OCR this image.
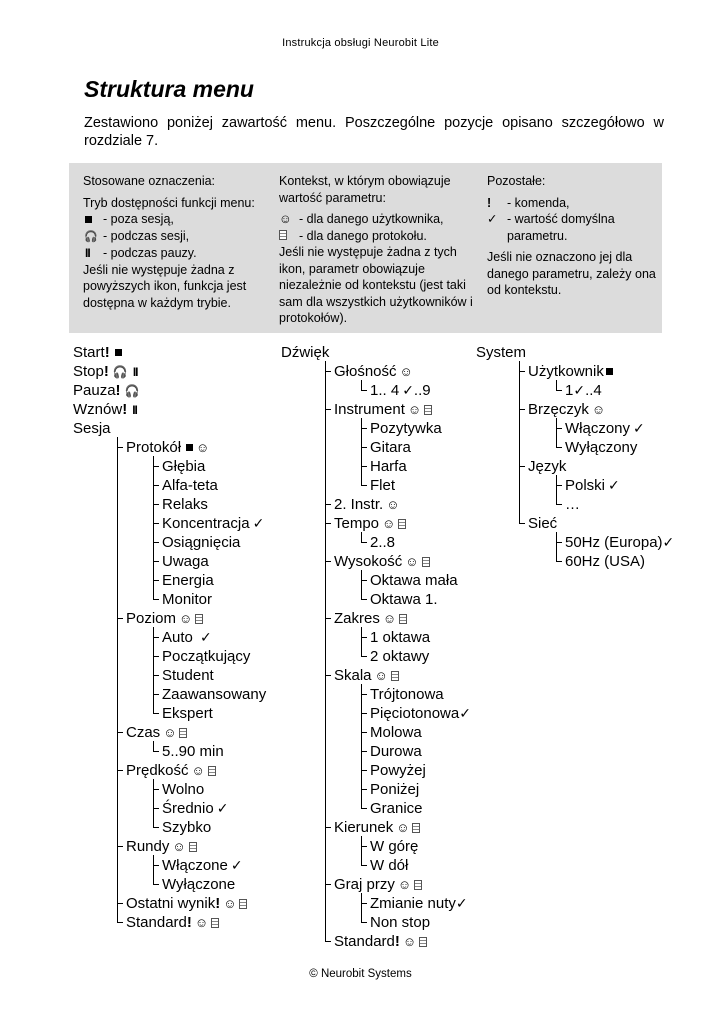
Instrukcja obsługi Neurobit Lite
Struktura menu
Zestawiono poniżej zawartość menu. Poszczególne pozycje opisano szczegółowo w rozdziale 7.

Stosowane oznaczenia:

Tryb dostępności funkcji menu:

- poza sesją,
🎧 - podczas sesji,
II	- podczas pauzy.

Jeśli nie występuje żadna z powyższych ikon, funkcja jest dostępna w każdym trybie.

Kontekst, w którym obowiązuje wartość parametru:

☺ - dla danego użytkownika,
- dla danego protokołu.

Jeśli nie występuje żadna z tych ikon, parametr obowiązuje niezależnie od kontekstu (jest taki sam dla wszystkich użytkowników i protokołów).

Pozostałe:

!	- komenda,
✓ - wartość domyślna parametru.

Jeśli nie oznaczono jej dla danego parametru, zależy ona od kontekstu.

Start!
Stop! 🎧 II
Pauza! 🎧
Wznów! II
Sesja
Protokół ☺
Głębia
Alfa-teta
Relaks
Koncentracja ✓
Osiągnięcia
Uwaga
Energia
Monitor
Poziom ☺
Auto ✓
Początkujący
Student
Zaawansowany
Ekspert
Czas ☺
5..90 min
Prędkość ☺
Wolno
Średnio ✓
Szybko
Rundy ☺
Włączone ✓
Wyłączone
Ostatni wynik! ☺
Standard! ☺
Dźwięk
Głośność ☺
1.. 4 ✓..9
Instrument ☺
Pozytywka
Gitara
Harfa
Flet
2. Instr. ☺
Tempo ☺
2..8
Wysokość ☺
Oktawa mała
Oktawa 1.
Zakres ☺
1 oktawa
2 oktawy
Skala ☺
Trójtonowa
Pięciotonowa✓
Molowa
Durowa
Powyżej
Poniżej
Granice
Kierunek ☺
W górę
W dół
Graj przy ☺
Zmianie nuty✓
Non stop
Standard! ☺
System
Użytkownik
1✓..4
Brzęczyk ☺
Włączony ✓
Wyłączony
Język
Polski ✓
…
Sieć
50Hz (Europa)✓
60Hz (USA)
© Neurobit Systems
